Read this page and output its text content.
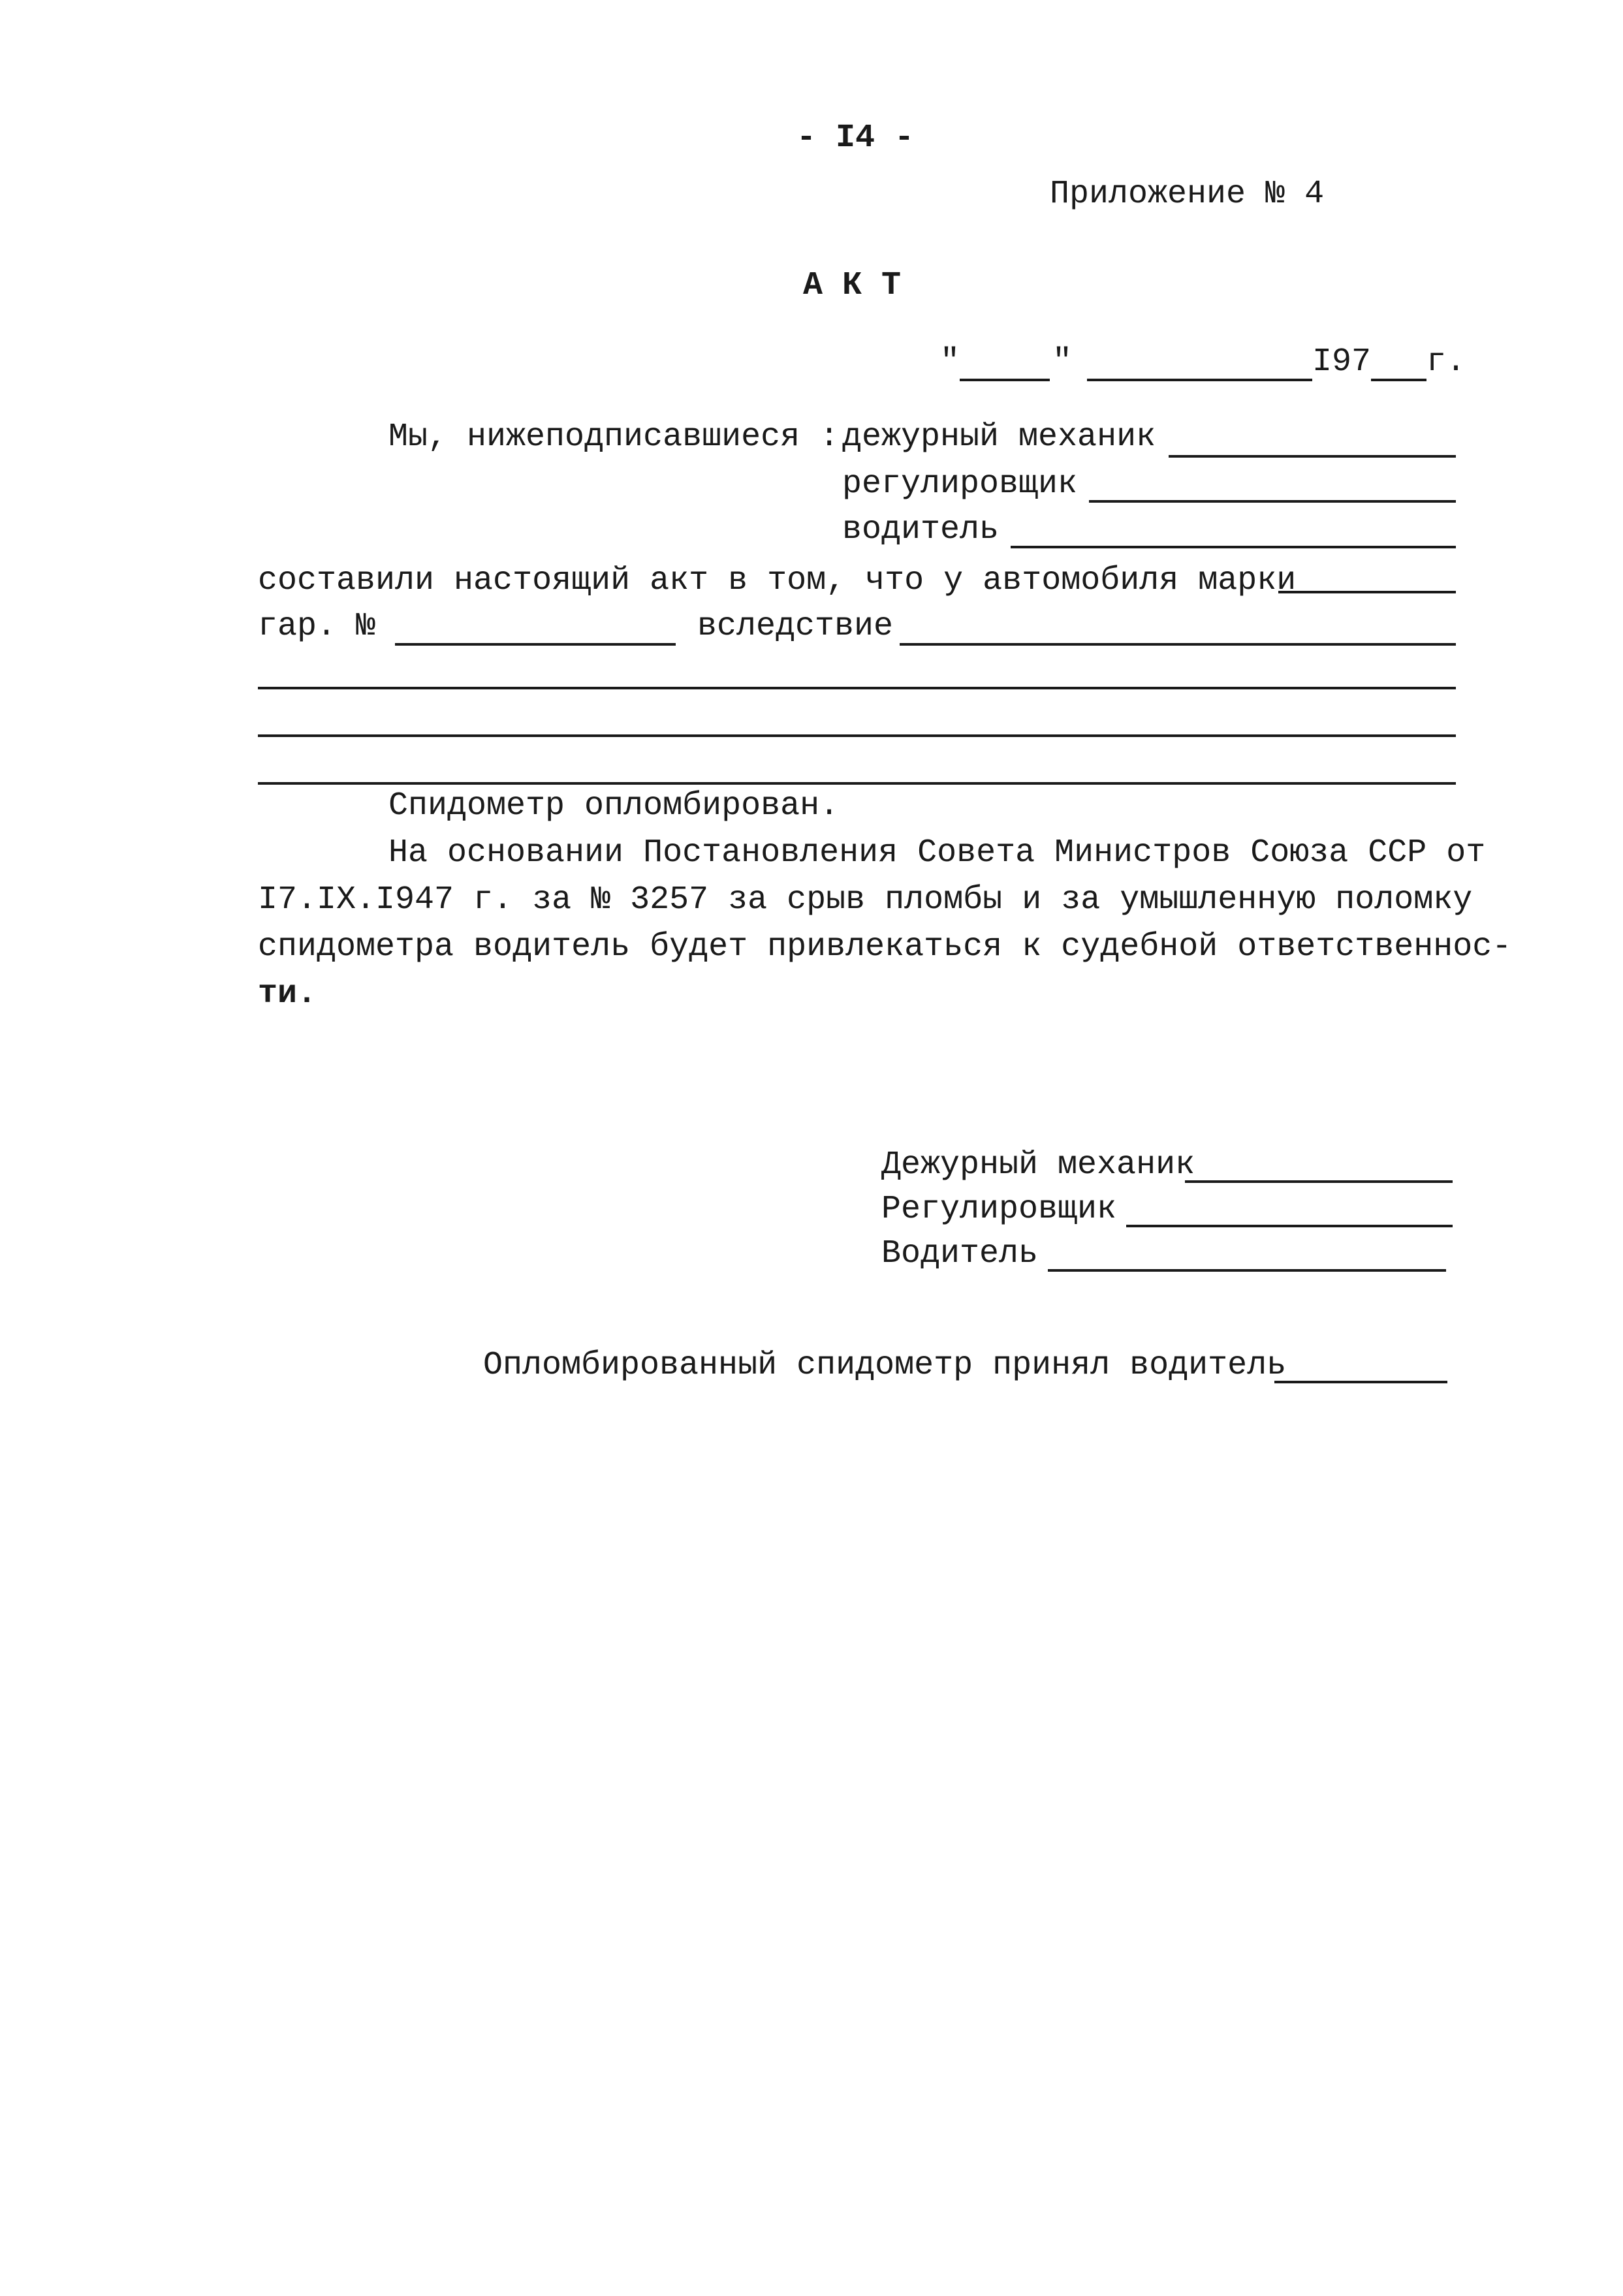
- I4 -
Приложение № 4
А К Т
"	"	I97 г.
Мы, нижеподписавшиеся : дежурный механик
регулировщик
водитель
составили настоящий акт в том, что у автомобиля марки
гар. №	вследствие
Спидометр опломбирован.
На основании Постановления Совета Министров Союза ССР от
I7.IX.I947 г. за № 3257 за срыв пломбы и за умышленную поломку
спидометра водитель будет привлекаться к судебной ответственнос-
ти.
Дежурный механик
Регулировщик
Водитель
Опломбированный спидометр принял водитель
